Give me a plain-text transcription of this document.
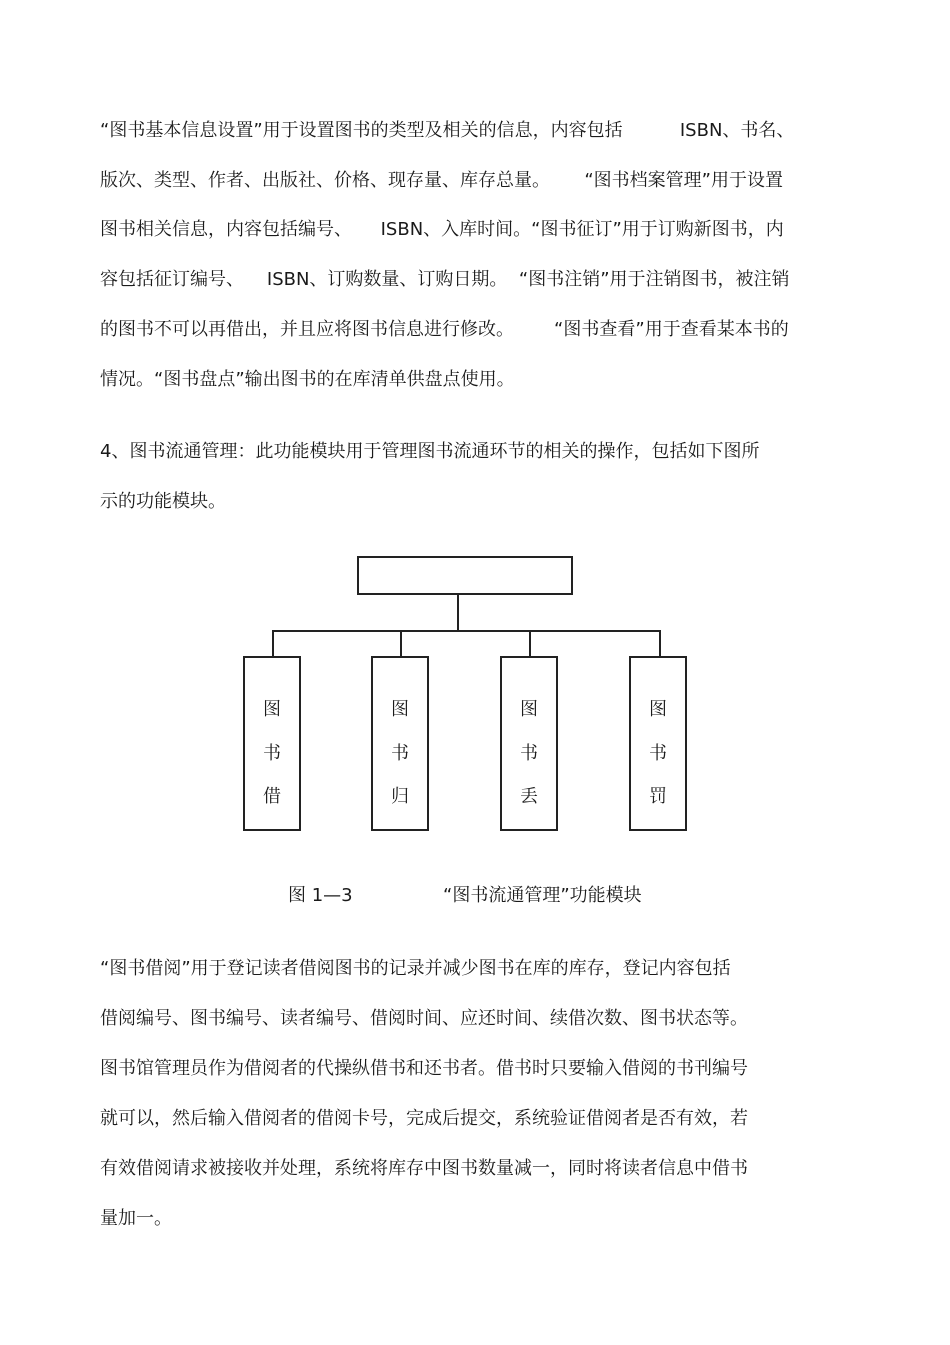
“图书基本信息设置”用于设置图书的类型及相关的信息，内容包括          ISBN、书名、
版次、类型、作者、出版社、价格、现存量、库存总量。      “图书档案管理”用于设置
图书相关信息，内容包括编号、     ISBN、入库时间。“图书征订”用于订购新图书，内
容包括征订编号、    ISBN、订购数量、订购日期。  “图书注销”用于注销图书，被注销
的图书不可以再借出，并且应将图书信息进行修改。       “图书查看”用于查看某本书的
情况。“图书盘点”输出图书的在库清单供盘点使用。
4、图书流通管理：此功能模块用于管理图书流通环节的相关的操作，包括如下图所
示的功能模块。
图
书
借
图
书
归
图
书
丢
图
书
罚
图 1—3	“图书流通管理”功能模块
“图书借阅”用于登记读者借阅图书的记录并减少图书在库的库存，登记内容包括
借阅编号、图书编号、读者编号、借阅时间、应还时间、续借次数、图书状态等。
图书馆管理员作为借阅者的代操纵借书和还书者。借书时只要输入借阅的书刊编号
就可以，然后输入借阅者的借阅卡号，完成后提交，系统验证借阅者是否有效，若
有效借阅请求被接收并处理，系统将库存中图书数量减一，同时将读者信息中借书
量加一。
